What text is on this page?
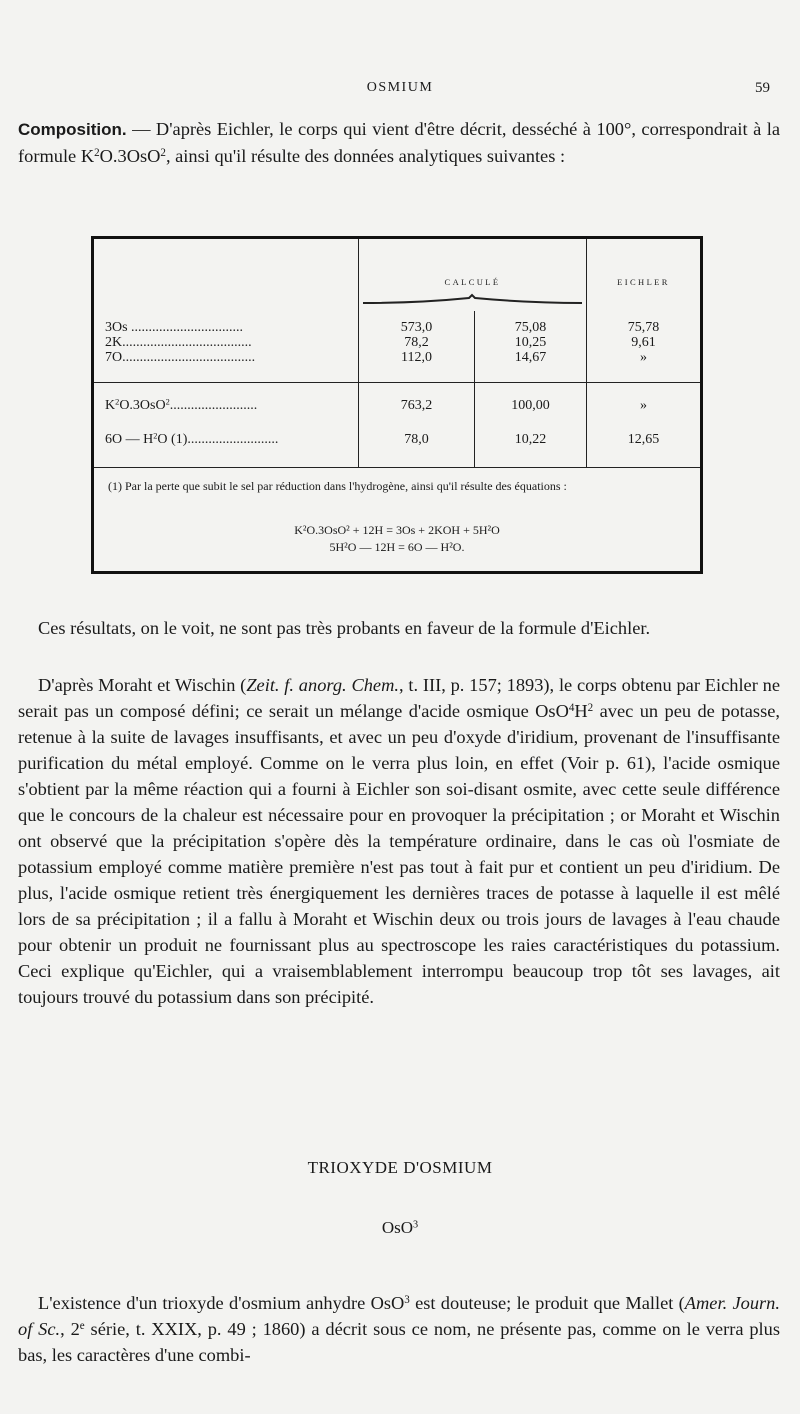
OSMIUM	59

Composition. — D'après Eichler, le corps qui vient d'être décrit, desséché à 100°, correspondrait à la formule $K^2O.3OsO^2$, ainsi qu'il résulte des données analytiques suivantes :

CALCULÉ	EICHLER
3Os ................................	573,0	75,08	75,78
2K.....................................	78,2	10,25	9,61
7O......................................	112,0	14,67	»
$K^2O.3OsO^2$.........................	763,2	100,00	»
6O — $H^2O$ (1)..........................	78,0	10,22	12,65
(1) Par la perte que subit le sel par réduction dans l'hydrogène, ainsi qu'il résulte des équations :
K²O.3OsO² + 12H = 3Os + 2KOH + 5H²O
5H²O — 12H = 6O — H²O.

Ces résultats, on le voit, ne sont pas très probants en faveur de la formule d'Eichler.

D'après Moraht et Wischin (Zeit. f. anorg. Chem., t. III, p. 157; 1893), le corps obtenu par Eichler ne serait pas un composé défini; ce serait un mélange d'acide osmique $OsO^4H^2$ avec un peu de potasse, retenue à la suite de lavages insuffisants, et avec un peu d'oxyde d'iridium, provenant de l'insuffisante purification du métal employé. Comme on le verra plus loin, en effet (Voir p. 61), l'acide osmique s'obtient par la même réaction qui a fourni à Eichler son soi-disant osmite, avec cette seule différence que le concours de la chaleur est nécessaire pour en provoquer la précipitation ; or Moraht et Wischin ont observé que la précipitation s'opère dès la température ordinaire, dans le cas où l'osmiate de potassium employé comme matière première n'est pas tout à fait pur et contient un peu d'iridium. De plus, l'acide osmique retient très énergiquement les dernières traces de potasse à laquelle il est mêlé lors de sa précipitation ; il a fallu à Moraht et Wischin deux ou trois jours de lavages à l'eau chaude pour obtenir un produit ne fournissant plus au spectroscope les raies caractéristiques du potassium. Ceci explique qu'Eichler, qui a vraisemblablement interrompu beaucoup trop tôt ses lavages, ait toujours trouvé du potassium dans son précipité.

TRIOXYDE D'OSMIUM
OsO$^3$

L'existence d'un trioxyde d'osmium anhydre OsO$^3$ est douteuse; le produit que Mallet (Amer. Journ. of Sc., 2e série, t. XXIX, p. 49 ; 1860) a décrit sous ce nom, ne présente pas, comme on le verra plus bas, les caractères d'une combi-
